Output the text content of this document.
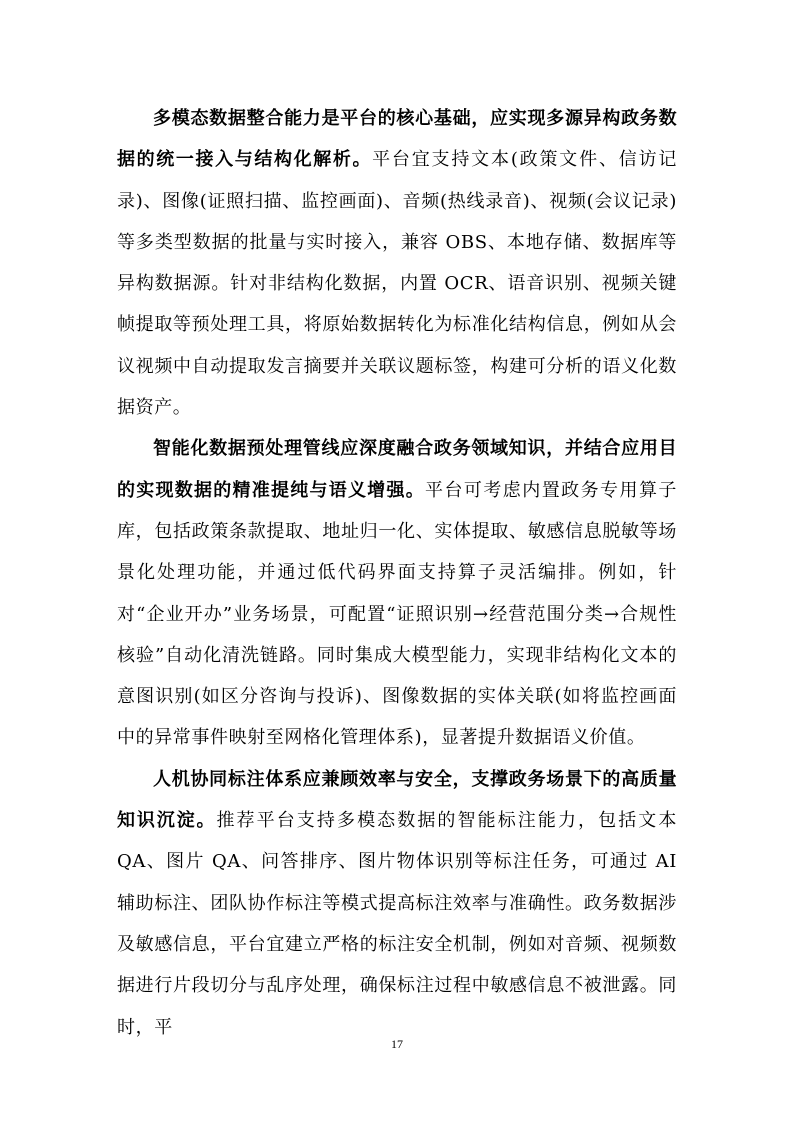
多模态数据整合能力是平台的核心基础，应实现多源异构政务数据的统一接入与结构化解析。平台宜支持文本(政策文件、信访记录)、图像(证照扫描、监控画面)、音频(热线录音)、视频(会议记录)等多类型数据的批量与实时接入，兼容 OBS、本地存储、数据库等异构数据源。针对非结构化数据，内置 OCR、语音识别、视频关键帧提取等预处理工具，将原始数据转化为标准化结构信息，例如从会议视频中自动提取发言摘要并关联议题标签，构建可分析的语义化数据资产。

智能化数据预处理管线应深度融合政务领域知识，并结合应用目的实现数据的精准提纯与语义增强。平台可考虑内置政务专用算子库，包括政策条款提取、地址归一化、实体提取、敏感信息脱敏等场景化处理功能，并通过低代码界面支持算子灵活编排。例如，针对“企业开办”业务场景，可配置“证照识别→经营范围分类→合规性核验”自动化清洗链路。同时集成大模型能力，实现非结构化文本的意图识别(如区分咨询与投诉)、图像数据的实体关联(如将监控画面中的异常事件映射至网格化管理体系)，显著提升数据语义价值。

人机协同标注体系应兼顾效率与安全，支撑政务场景下的高质量知识沉淀。推荐平台支持多模态数据的智能标注能力，包括文本 QA、图片 QA、问答排序、图片物体识别等标注任务，可通过 AI 辅助标注、团队协作标注等模式提高标注效率与准确性。政务数据涉及敏感信息，平台宜建立严格的标注安全机制，例如对音频、视频数据进行片段切分与乱序处理，确保标注过程中敏感信息不被泄露。同时，平

17
